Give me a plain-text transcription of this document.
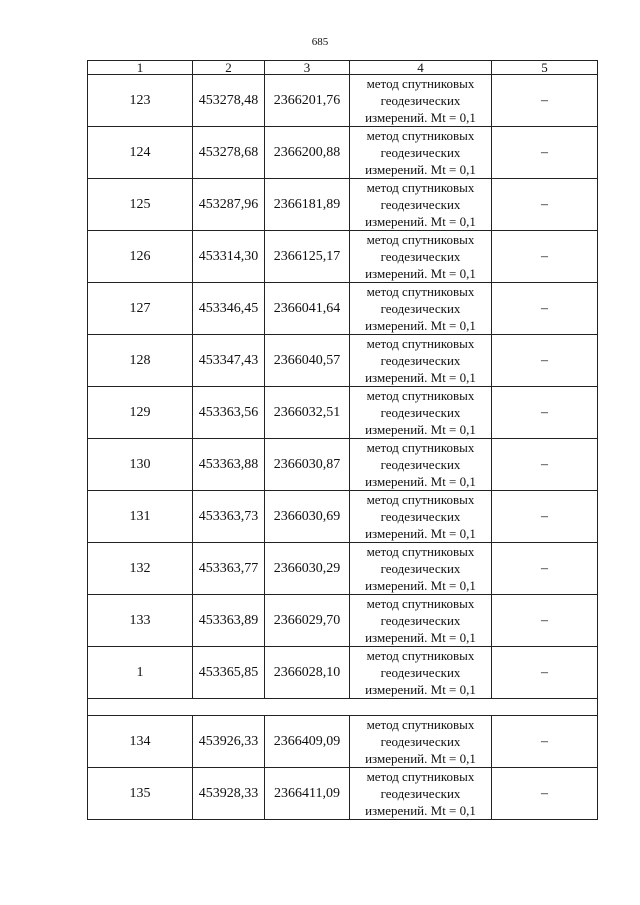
685
1	2	3	4	5
123	453278,48	2366201,76	метод спутниковых геодезических измерений. Mt = 0,1	–
124	453278,68	2366200,88	метод спутниковых геодезических измерений. Mt = 0,1	–
125	453287,96	2366181,89	метод спутниковых геодезических измерений. Mt = 0,1	–
126	453314,30	2366125,17	метод спутниковых геодезических измерений. Mt = 0,1	–
127	453346,45	2366041,64	метод спутниковых геодезических измерений. Mt = 0,1	–
128	453347,43	2366040,57	метод спутниковых геодезических измерений. Mt = 0,1	–
129	453363,56	2366032,51	метод спутниковых геодезических измерений. Mt = 0,1	–
130	453363,88	2366030,87	метод спутниковых геодезических измерений. Mt = 0,1	–
131	453363,73	2366030,69	метод спутниковых геодезических измерений. Mt = 0,1	–
132	453363,77	2366030,29	метод спутниковых геодезических измерений. Mt = 0,1	–
133	453363,89	2366029,70	метод спутниковых геодезических измерений. Mt = 0,1	–
1	453365,85	2366028,10	метод спутниковых геодезических измерений. Mt = 0,1	–

134	453926,33	2366409,09	метод спутниковых геодезических измерений. Mt = 0,1	–
135	453928,33	2366411,09	метод спутниковых геодезических измерений. Mt = 0,1	–
